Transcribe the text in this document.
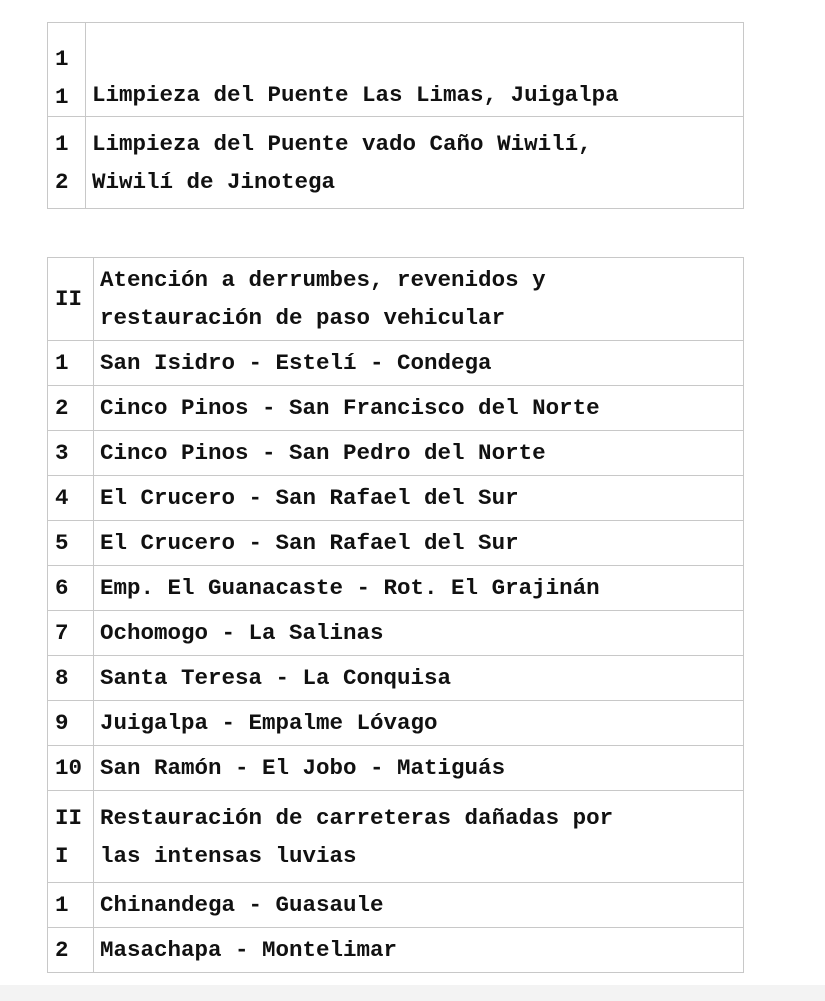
1
1	Limpieza del Puente Las Limas, Juigalpa

1
2	Limpieza del Puente vado Caño Wiwilí,
Wiwilí de Jinotega
II	Atención a derrumbes, revenidos y
restauración de paso vehicular

1	San Isidro - Estelí - Condega
2	Cinco Pinos - San Francisco del Norte
3	Cinco Pinos - San Pedro del Norte
4	El Crucero - San Rafael del Sur
5	El Crucero - San Rafael del Sur
6	Emp. El Guanacaste - Rot. El Grajinán
7	Ochomogo - La Salinas
8	Santa Teresa - La Conquisa
9	Juigalpa - Empalme Lóvago
10	San Ramón - El Jobo - Matiguás

II
I	Restauración de carreteras dañadas por
las intensas luvias

1	Chinandega - Guasaule
2	Masachapa - Montelimar
